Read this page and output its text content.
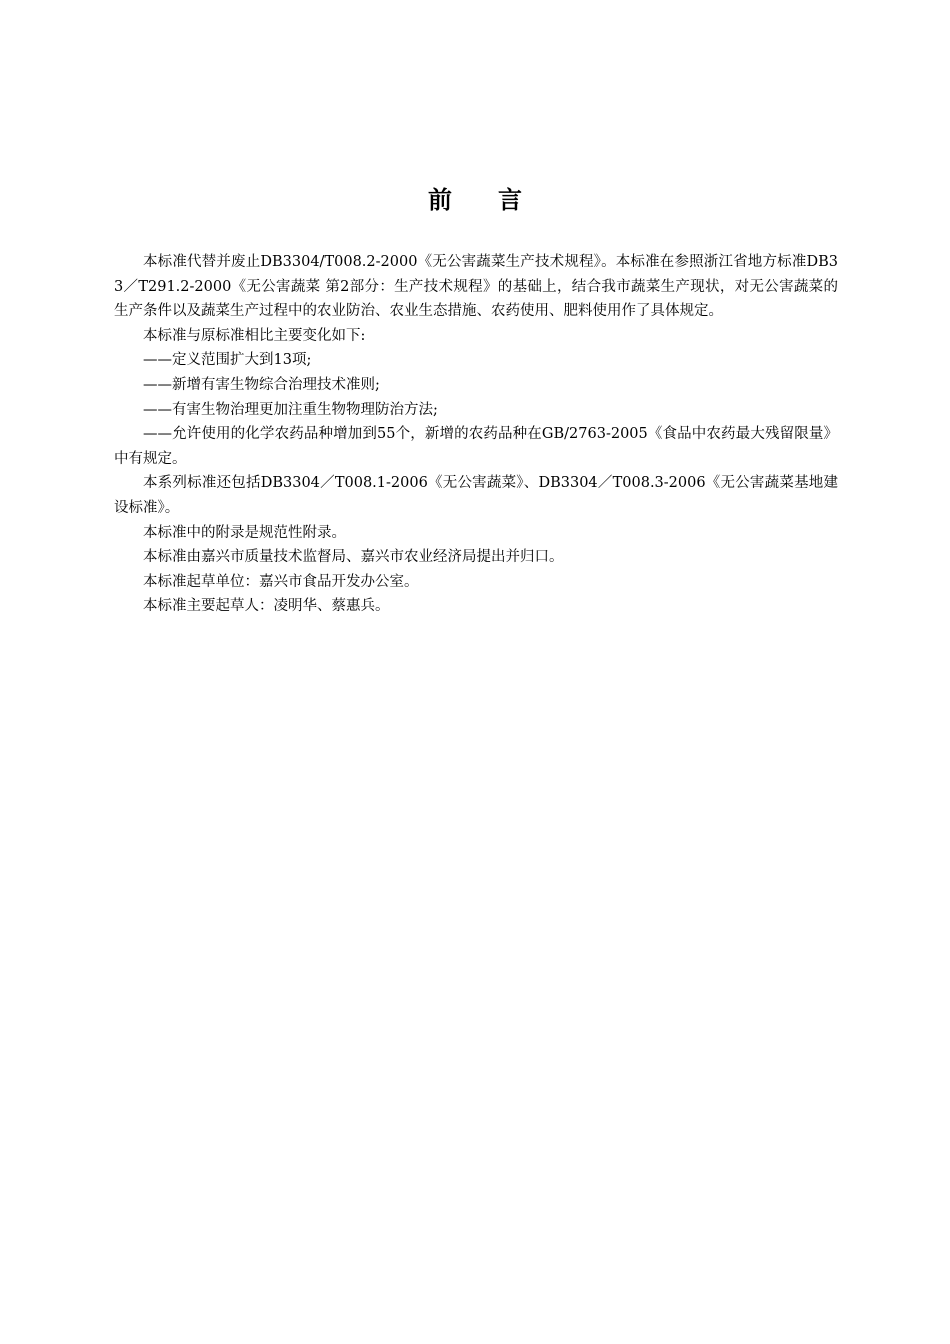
前 言

本标准代替并废止DB3304/T008.2-2000《无公害蔬菜生产技术规程》。本标准在参照浙江省地方标准DB33／T291.2-2000《无公害蔬菜 第2部分：生产技术规程》的基础上，结合我市蔬菜生产现状，对无公害蔬菜的生产条件以及蔬菜生产过程中的农业防治、农业生态措施、农药使用、肥料使用作了具体规定。

本标准与原标准相比主要变化如下:

——定义范围扩大到13项;

——新增有害生物综合治理技术准则;

——有害生物治理更加注重生物物理防治方法;

——允许使用的化学农药品种增加到55个，新增的农药品种在GB/2763-2005《食品中农药最大残留限量》中有规定。

本系列标准还包括DB3304／T008.1-2006《无公害蔬菜》、DB3304／T008.3-2006《无公害蔬菜基地建设标准》。

本标准中的附录是规范性附录。

本标准由嘉兴市质量技术监督局、嘉兴市农业经济局提出并归口。

本标准起草单位：嘉兴市食品开发办公室。

本标准主要起草人：凌明华、蔡惠兵。
